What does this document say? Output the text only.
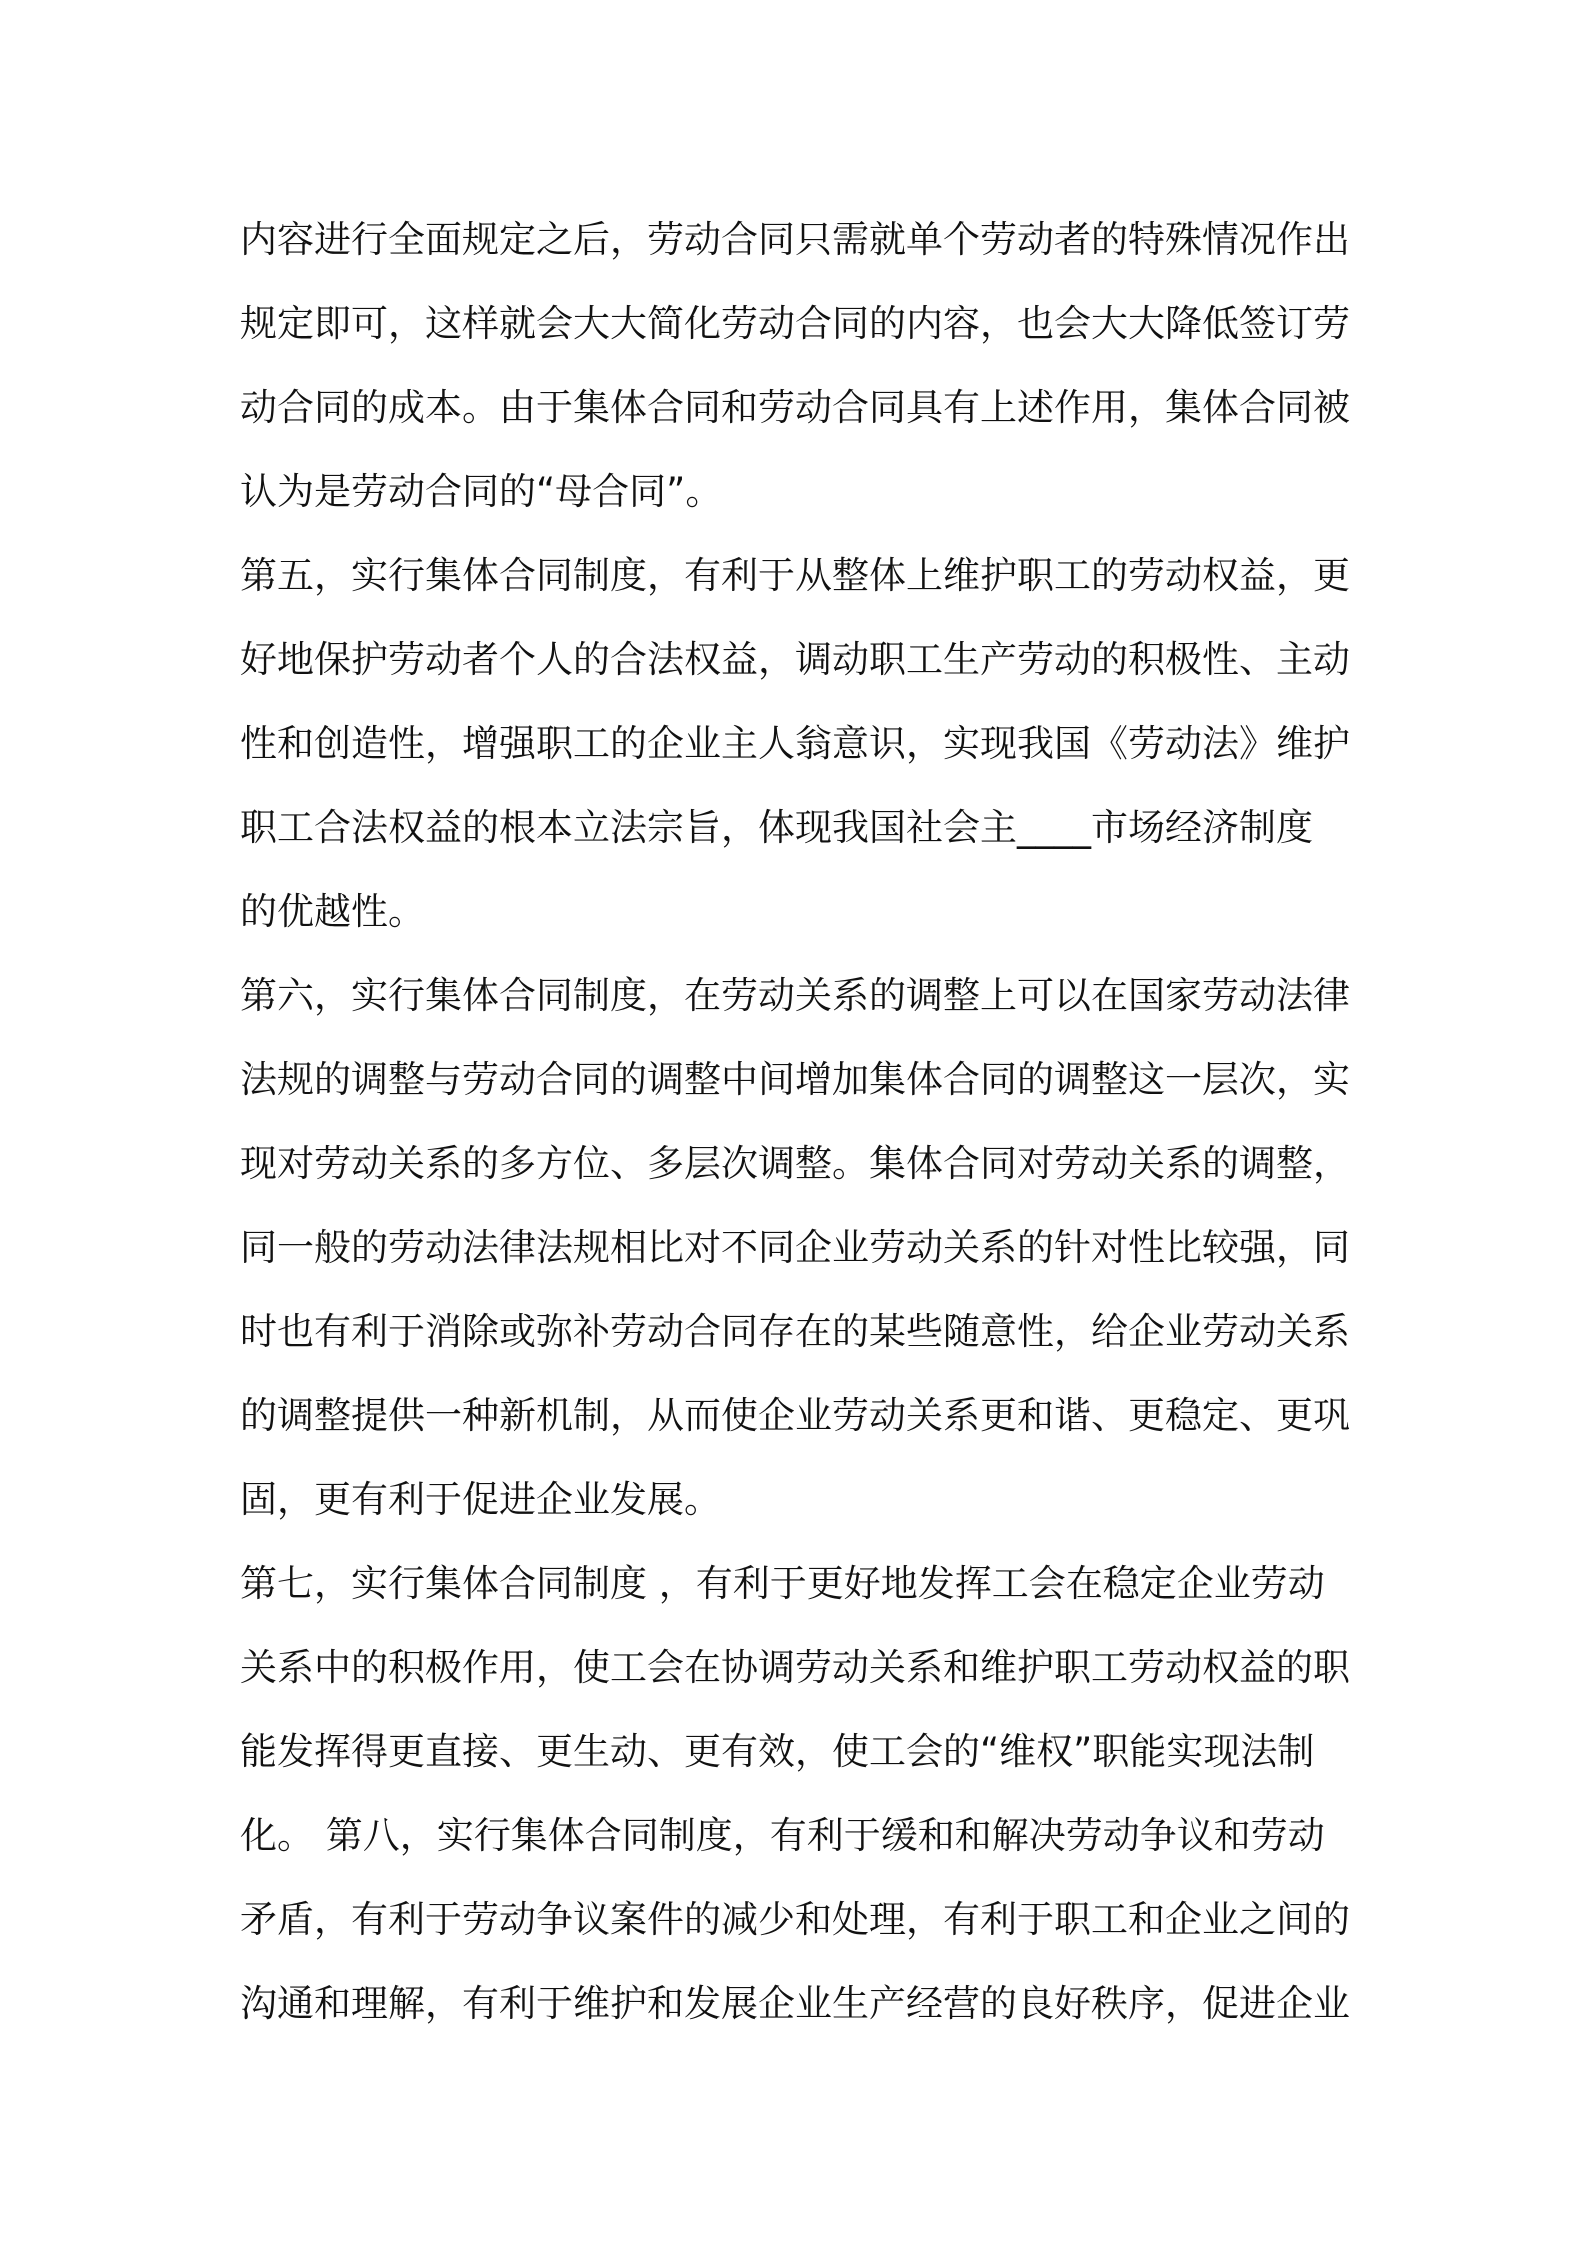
内容进行全面规定之后，劳动合同只需就单个劳动者的特殊情况作出
规定即可，这样就会大大简化劳动合同的内容，也会大大降低签订劳
动合同的成本。由于集体合同和劳动合同具有上述作用，集体合同被
认为是劳动合同的“母合同”。
第五，实行集体合同制度，有利于从整体上维护职工的劳动权益，更
好地保护劳动者个人的合法权益，调动职工生产劳动的积极性、主动
性和创造性，增强职工的企业主人翁意识，实现我国《劳动法》维护
职工合法权益的根本立法宗旨，体现我国社会主____市场经济制度
的优越性。
第六，实行集体合同制度，在劳动关系的调整上可以在国家劳动法律
法规的调整与劳动合同的调整中间增加集体合同的调整这一层次，实
现对劳动关系的多方位、多层次调整。集体合同对劳动关系的调整，
同一般的劳动法律法规相比对不同企业劳动关系的针对性比较强，同
时也有利于消除或弥补劳动合同存在的某些随意性，给企业劳动关系
的调整提供一种新机制，从而使企业劳动关系更和谐、更稳定、更巩
固，更有利于促进企业发展。
第七，实行集体合同制度 ，有利于更好地发挥工会在稳定企业劳动
关系中的积极作用，使工会在协调劳动关系和维护职工劳动权益的职
能发挥得更直接、更生动、更有效，使工会的“维权”职能实现法制
化。 第八，实行集体合同制度，有利于缓和和解决劳动争议和劳动
矛盾，有利于劳动争议案件的减少和处理，有利于职工和企业之间的
沟通和理解，有利于维护和发展企业生产经营的良好秩序，促进企业
